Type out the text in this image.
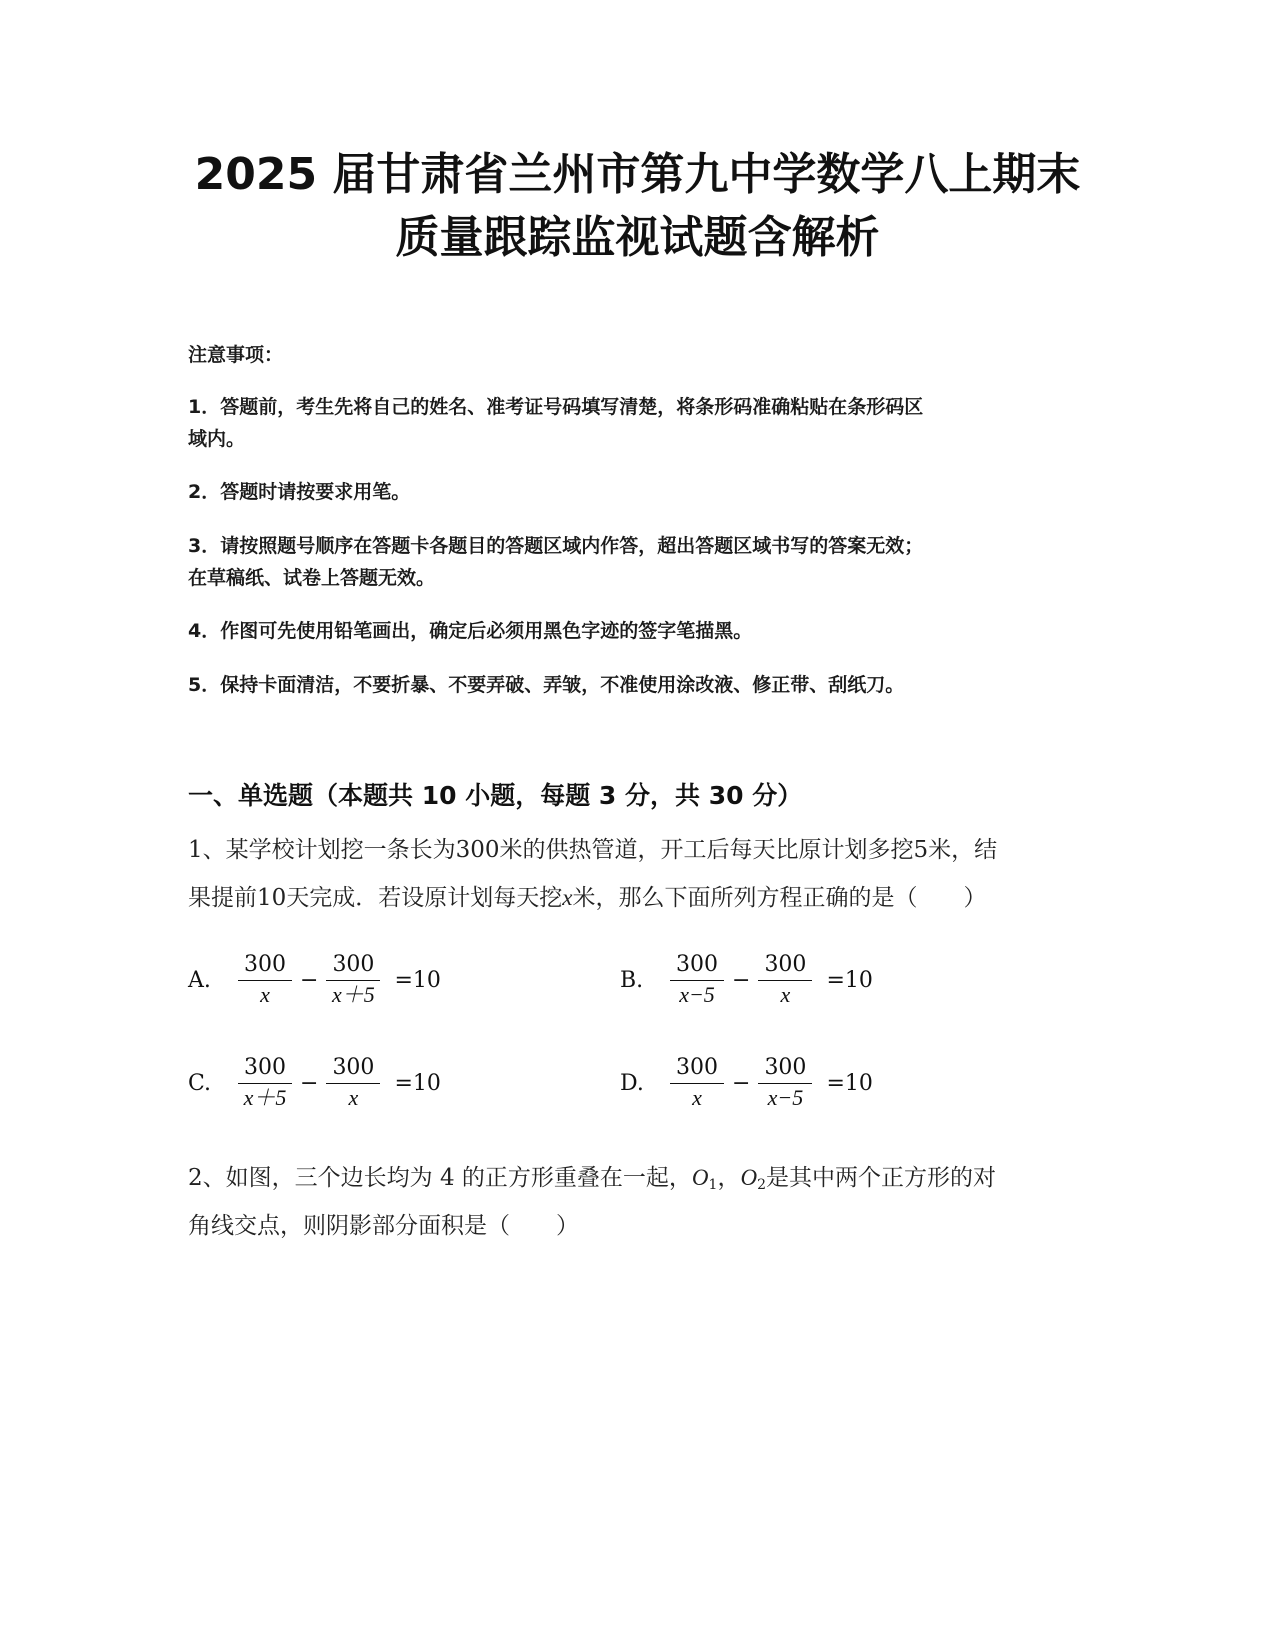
2025 届甘肃省兰州市第九中学数学八上期末
质量跟踪监视试题含解析
注意事项：
1．答题前，考生先将自己的姓名、准考证号码填写清楚，将条形码准确粘贴在条形码区
域内。
2．答题时请按要求用笔。
3．请按照题号顺序在答题卡各题目的答题区域内作答，超出答题区域书写的答案无效；
在草稿纸、试卷上答题无效。
4．作图可先使用铅笔画出，确定后必须用黑色字迹的签字笔描黑。
5．保持卡面清洁，不要折暴、不要弄破、弄皱，不准使用涂改液、修正带、刮纸刀。
一、单选题（本题共 10 小题，每题 3 分，共 30 分）
1、某学校计划挖一条长为300米的供热管道，开工后每天比原计划多挖5米，结
果提前10天完成．若设原计划每天挖x米，那么下面所列方程正确的是（　　）
A.	$\frac{300}{x} - \frac{300}{x+5} =10$	B.	$\frac{300}{x-5} - \frac{300}{x} =10$
C.	$\frac{300}{x+5} - \frac{300}{x} =10$	D.	$\frac{300}{x} - \frac{300}{x-5} =10$
2、如图，三个边长均为 4 的正方形重叠在一起，$O_1$，$O_2$是其中两个正方形的对
角线交点，则阴影部分面积是（　　）
